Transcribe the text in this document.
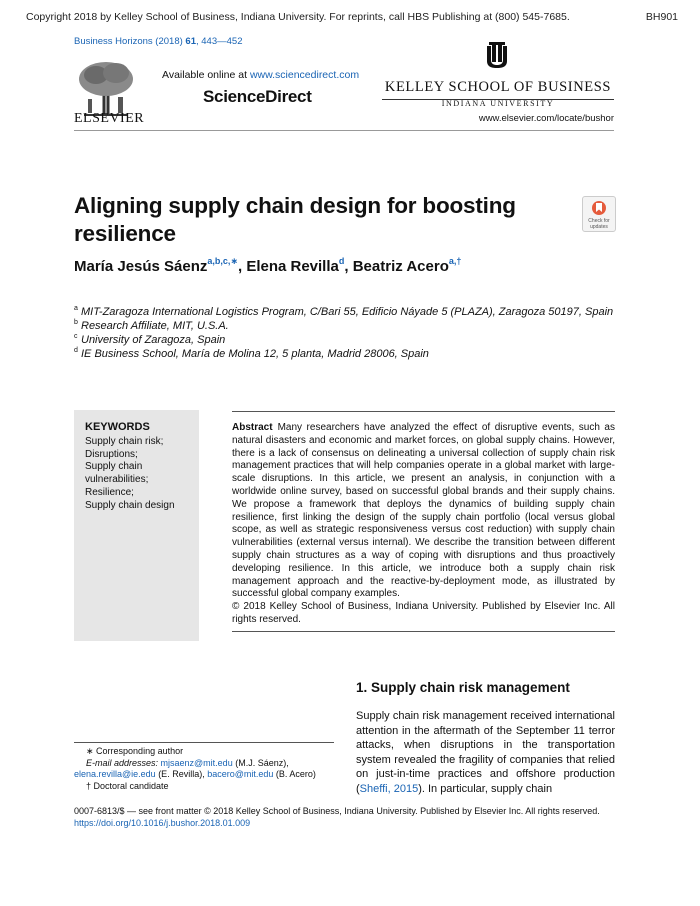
Copyright 2018 by Kelley School of Business, Indiana University. For reprints, call HBS Publishing at (800) 545-7685.	BH901
Business Horizons (2018) 61, 443—452
ELSEVIER
Available online at www.sciencedirect.com
ScienceDirect	KELLEY SCHOOL OF BUSINESS
INDIANA UNIVERSITY
www.elsevier.com/locate/bushor
Aligning supply chain design for boosting resilience	Check for updates
María Jesús Sáenz$^{a,b,c,∗}$, Elena Revilla$^d$, Beatriz Acero$^{a,\dagger}$
a MIT-Zaragoza International Logistics Program, C/Bari 55, Edificio Náyade 5 (PLAZA), Zaragoza 50197, Spain
b Research Affiliate, MIT, U.S.A.
c University of Zaragoza, Spain
d IE Business School, María de Molina 12, 5 planta, Madrid 28006, Spain
KEYWORDS
Supply chain risk;
Disruptions;
Supply chain vulnerabilities;
Resilience;
Supply chain design
Abstract Many researchers have analyzed the effect of disruptive events, such as natural disasters and economic and market forces, on global supply chains. However, there is a lack of consensus on delineating a universal collection of supply chain risk management practices that will help companies operate in a global market with large-scale disruptions. In this article, we present an analysis, in conjunction with a worldwide online survey, based on successful global brands and their supply chains. We propose a framework that deploys the dynamics of building supply chain resilience, first linking the design of the supply chain portfolio (local versus global scope, as well as strategic responsiveness versus cost reduction) with supply chain vulnerabilities (external versus internal). We describe the transition between different supply chain structures as a way of coping with disruptions and thus proactively developing resilience. In this article, we introduce both a supply chain risk management approach and the reactive-by-deployment mode, as illustrated by successful global company examples.
© 2018 Kelley School of Business, Indiana University. Published by Elsevier Inc. All rights reserved.
1. Supply chain risk management
Supply chain risk management received international attention in the aftermath of the September 11 terror attacks, when disruptions in the transportation system revealed the fragility of companies that relied on just-in-time practices and offshore production (Sheffi, 2015). In particular, supply chain
∗ Corresponding author
E-mail addresses: mjsaenz@mit.edu (M.J. Sáenz),
elena.revilla@ie.edu (E. Revilla), bacero@mit.edu (B. Acero)
† Doctoral candidate
0007-6813/$ — see front matter © 2018 Kelley School of Business, Indiana University. Published by Elsevier Inc. All rights reserved.
https://doi.org/10.1016/j.bushor.2018.01.009
